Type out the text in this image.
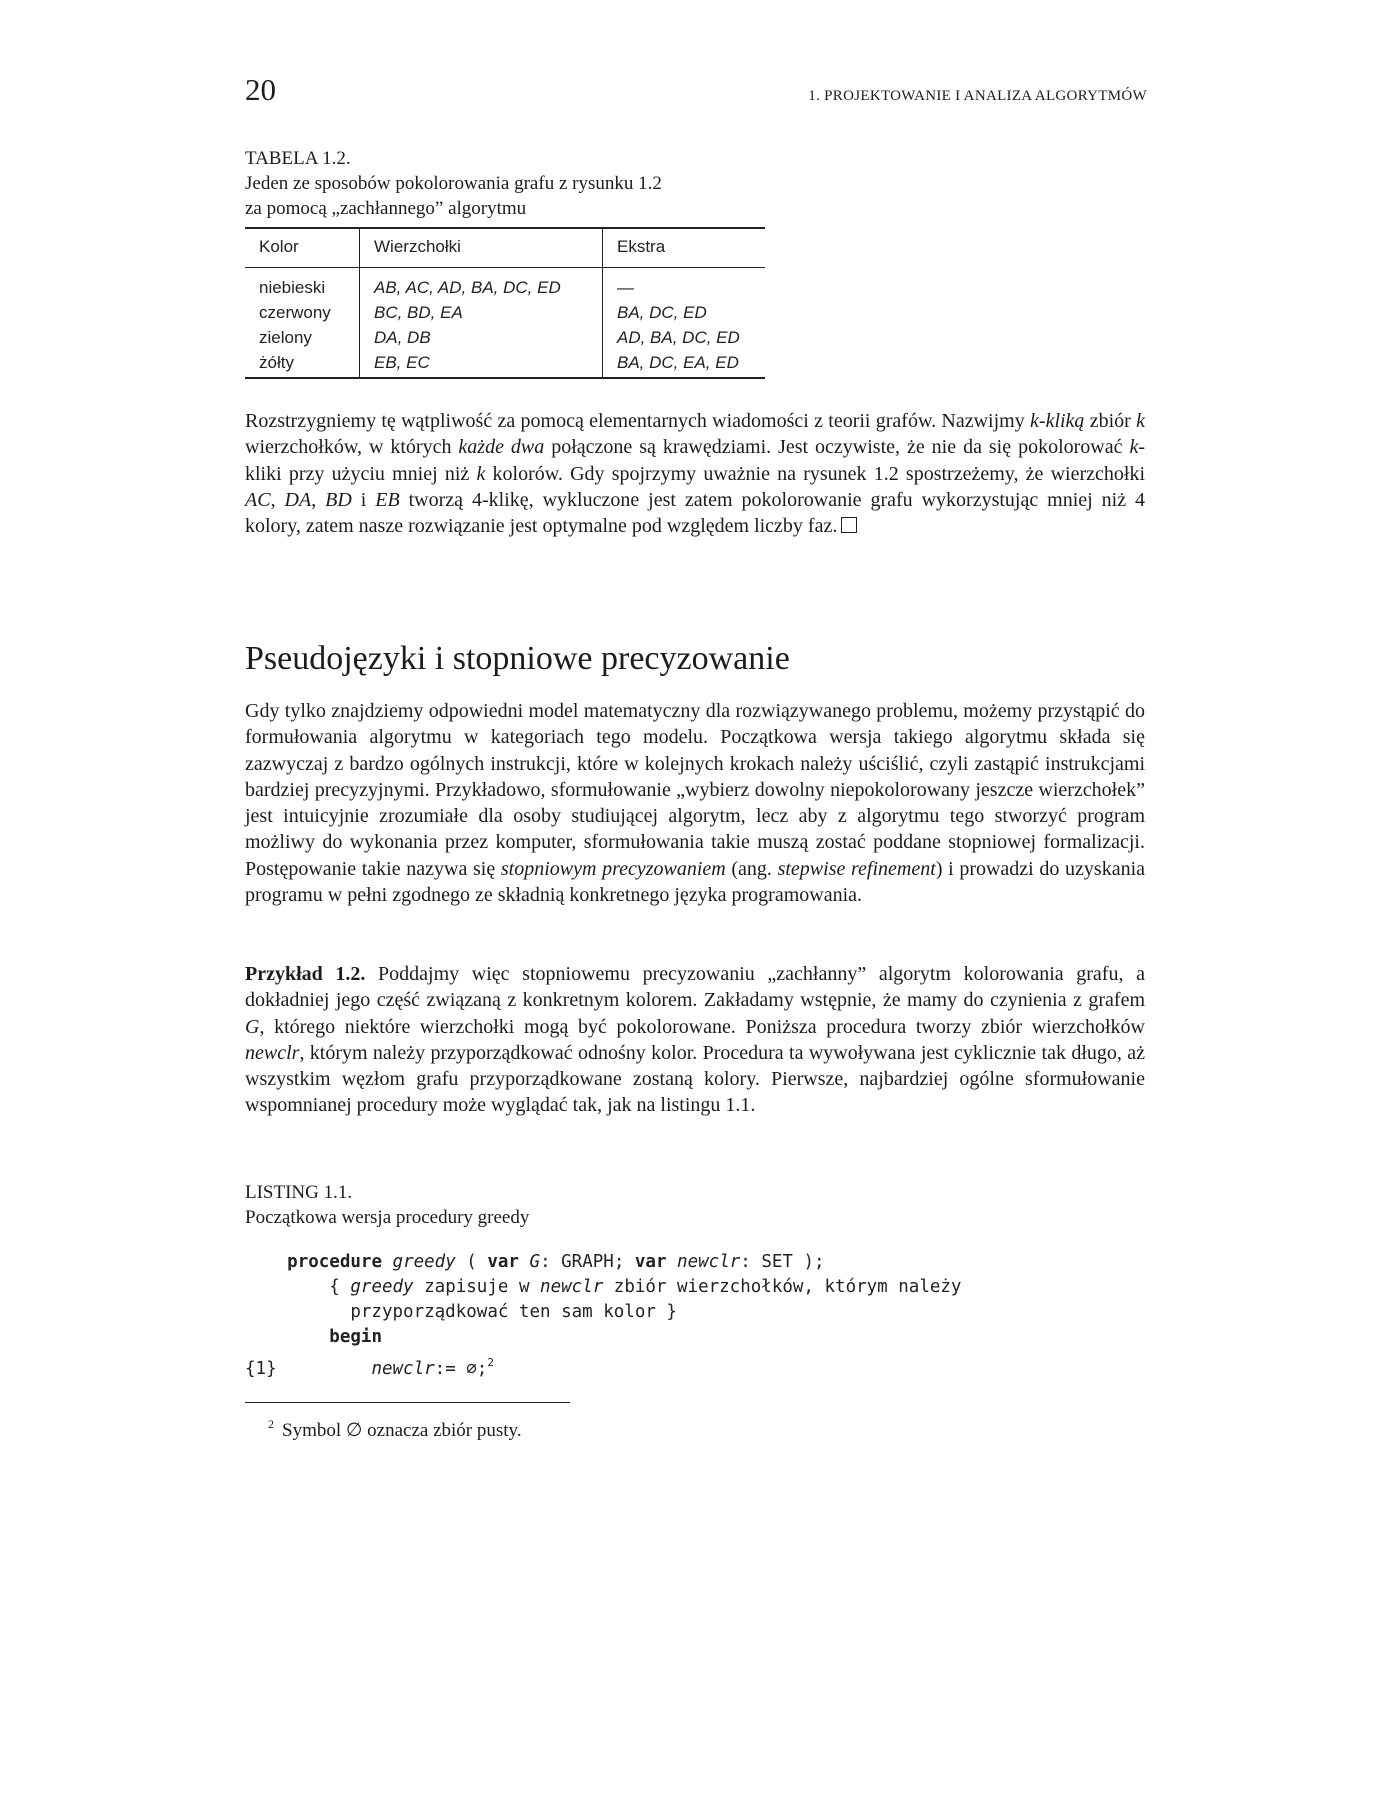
20	1. PROJEKTOWANIE I ANALIZA ALGORYTMÓW
TABELA 1.2.
Jeden ze sposobów pokolorowania grafu z rysunku 1.2
za pomocą „zachłannego” algorytmu
Kolor	Wierzchołki	Ekstra
niebieski	AB, AC, AD, BA, DC, ED	—
czerwony	BC, BD, EA	BA, DC, ED
zielony	DA, DB	AD, BA, DC, ED
żółty	EB, EC	BA, DC, EA, ED

Rozstrzygniemy tę wątpliwość za pomocą elementarnych wiadomości z teorii grafów. Nazwijmy k-kliką zbiór k wierzchołków, w których każde dwa połączone są krawędziami. Jest oczywiste, że nie da się pokolorować k-kliki przy użyciu mniej niż k kolorów. Gdy spojrzymy uważnie na rysunek 1.2 spostrzeżemy, że wierzchołki AC, DA, BD i EB tworzą 4-klikę, wykluczone jest zatem pokolorowanie grafu wykorzystując mniej niż 4 kolory, zatem nasze rozwiązanie jest optymalne pod względem liczby faz.

Pseudojęzyki i stopniowe precyzowanie

Gdy tylko znajdziemy odpowiedni model matematyczny dla rozwiązywanego problemu, możemy przystąpić do formułowania algorytmu w kategoriach tego modelu. Początkowa wersja takiego algorytmu składa się zazwyczaj z bardzo ogólnych instrukcji, które w kolejnych krokach należy uściślić, czyli zastąpić instrukcjami bardziej precyzyjnymi. Przykładowo, sformułowanie „wybierz dowolny niepokolorowany jeszcze wierzchołek” jest intuicyjnie zrozumiałe dla osoby studiującej algorytm, lecz aby z algorytmu tego stworzyć program możliwy do wykonania przez komputer, sformułowania takie muszą zostać poddane stopniowej formalizacji. Postępowanie takie nazywa się stopniowym precyzowaniem (ang. stepwise refinement) i prowadzi do uzyskania programu w pełni zgodnego ze składnią konkretnego języka programowania.

Przykład 1.2. Poddajmy więc stopniowemu precyzowaniu „zachłanny” algorytm kolorowania grafu, a dokładniej jego część związaną z konkretnym kolorem. Zakładamy wstępnie, że mamy do czynienia z grafem G, którego niektóre wierzchołki mogą być pokolorowane. Poniższa procedura tworzy zbiór wierzchołków newclr, którym należy przyporządkować odnośny kolor. Procedura ta wywoływana jest cyklicznie tak długo, aż wszystkim węzłom grafu przyporządkowane zostaną kolory. Pierwsze, najbardziej ogólne sformułowanie wspomnianej procedury może wyglądać tak, jak na listingu 1.1.

LISTING 1.1.
Początkowa wersja procedury greedy
procedure greedy ( var G: GRAPH; var newclr: SET );
{ greedy zapisuje w newclr zbiór wierzchołków, którym należy
przyporządkować ten sam kolor }
begin
{1}	newclr:= ∅;$^2$
$^2$ Symbol ∅ oznacza zbiór pusty.
